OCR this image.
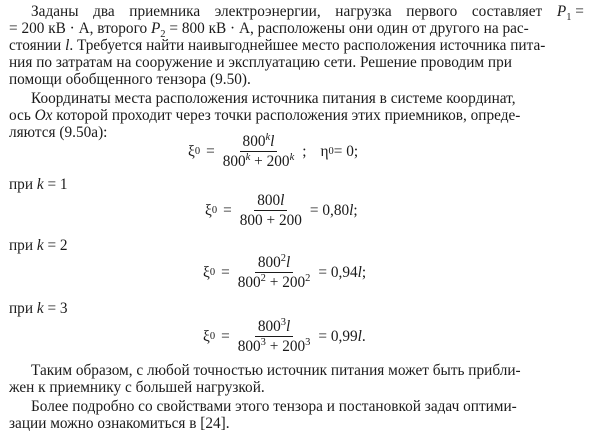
Заданы два приемника электроэнергии, нагрузка первого составляет $P_1$ =
= 200 кВ · А, второго $P_2 = 800$ кВ · А, расположены они один от другого на рас-
стоянии l. Требуется найти наивыгоднейшее место расположения источника пита-
ния по затратам на сооружение и эксплуатацию сети. Решение проводим при
помощи обобщенного тензора (9.50).
Координаты места расположения источника питания в системе координат,
ось Ox которой проходит через точки расположения этих приемников, опреде-
ляются (9.50а):
ξ $0 = \frac{800^kl}{800^k + 200^k}$ ; η 0 = 0;
при k = 1
ξ $0 = \frac{800l}{800 + 200} = 0,80$ l ;
при k = 2
ξ $0 = \frac{800^2l}{800^2 + 200^2} = 0,94$ l ;
при k = 3
ξ $0 = \frac{800^3l}{800^3 + 200^3} = 0,99$ l .
Таким образом, с любой точностью источник питания может быть прибли-
жен к приемнику с большей нагрузкой.
Более подробно со свойствами этого тензора и постановкой задач оптими-
зации можно ознакомиться в [24].
